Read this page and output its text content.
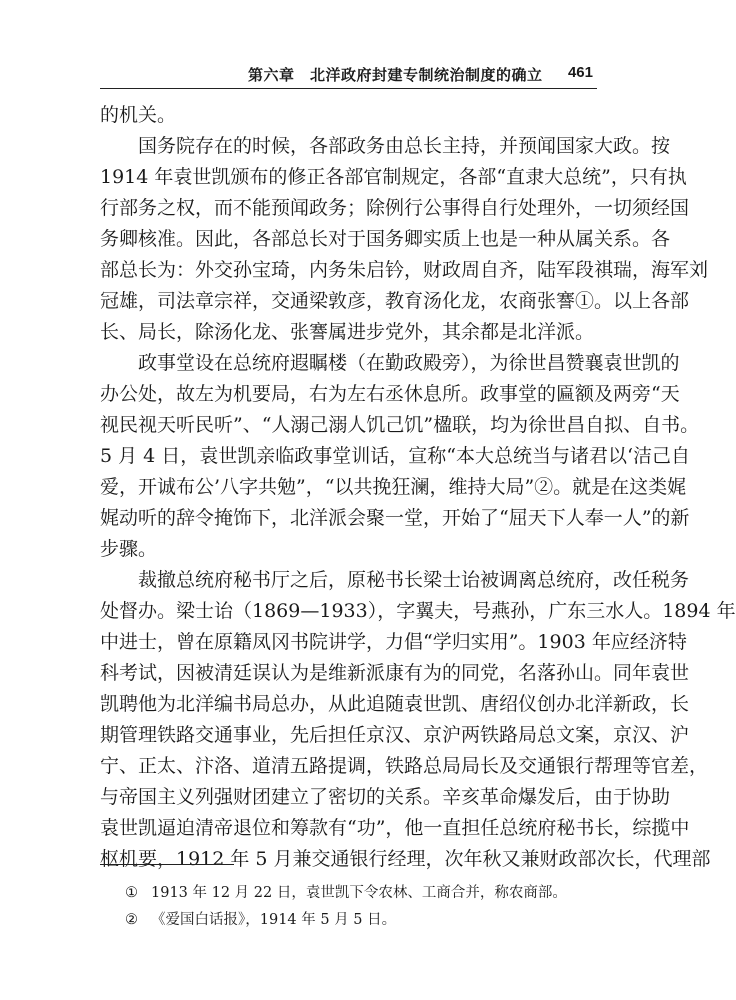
第六章　北洋政府封建专制统治制度的确立 461
的机关。
国务院存在的时候，各部政务由总长主持，并预闻国家大政。按
1914 年袁世凯颁布的修正各部官制规定，各部“直隶大总统”，只有执
行部务之权，而不能预闻政务；除例行公事得自行处理外，一切须经国
务卿核准。因此，各部总长对于国务卿实质上也是一种从属关系。各
部总长为：外交孙宝琦，内务朱启钤，财政周自齐，陆军段祺瑞，海军刘
冠雄，司法章宗祥，交通梁敦彦，教育汤化龙，农商张謇①。以上各部
长、局长，除汤化龙、张謇属进步党外，其余都是北洋派。
政事堂设在总统府遐瞩楼（在勤政殿旁），为徐世昌赞襄袁世凯的
办公处，故左为机要局，右为左右丞休息所。政事堂的匾额及两旁“天
视民视天听民听”、“人溺己溺人饥己饥”楹联，均为徐世昌自拟、自书。
5 月 4 日，袁世凯亲临政事堂训话，宣称“本大总统当与诸君以‘洁己自
爱，开诚布公’八字共勉”，“以共挽狂澜，维持大局”②。就是在这类娓
娓动听的辞令掩饰下，北洋派会聚一堂，开始了“屈天下人奉一人”的新
步骤。
裁撤总统府秘书厅之后，原秘书长梁士诒被调离总统府，改任税务
处督办。梁士诒（1869—1933），字翼夫，号燕孙，广东三水人。1894 年
中进士，曾在原籍凤冈书院讲学，力倡“学归实用”。1903 年应经济特
科考试，因被清廷误认为是维新派康有为的同党，名落孙山。同年袁世
凯聘他为北洋编书局总办，从此追随袁世凯、唐绍仪创办北洋新政，长
期管理铁路交通事业，先后担任京汉、京沪两铁路局总文案，京汉、沪
宁、正太、汴洛、道清五路提调，铁路总局局长及交通银行帮理等官差，
与帝国主义列强财团建立了密切的关系。辛亥革命爆发后，由于协助
袁世凯逼迫清帝退位和筹款有“功”，他一直担任总统府秘书长，综揽中
枢机要，1912 年 5 月兼交通银行经理，次年秋又兼财政部次长，代理部
① 1913 年 12 月 22 日，袁世凯下令农林、工商合并，称农商部。
② 《爱国白话报》，1914 年 5 月 5 日。
